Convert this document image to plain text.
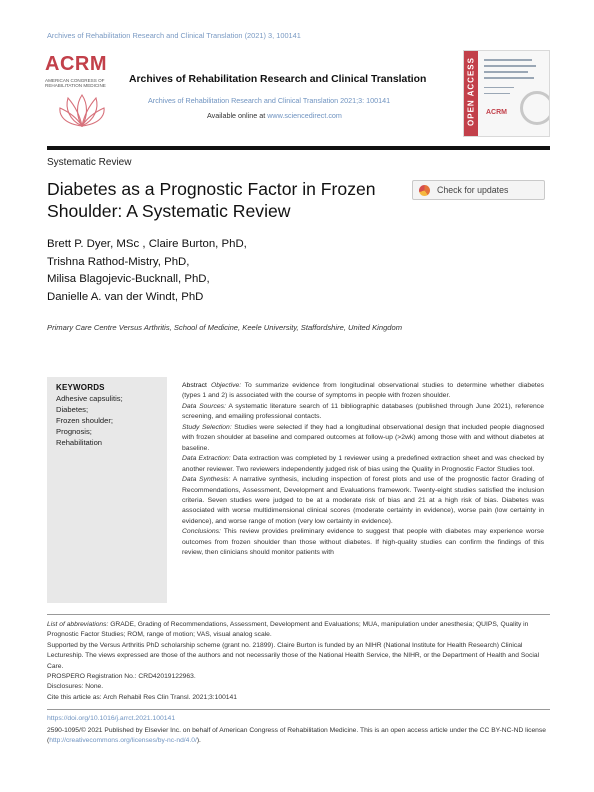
Archives of Rehabilitation Research and Clinical Translation (2021) 3, 100141
ACRM
AMERICAN CONGRESS OF REHABILITATION MEDICINE
Archives of Rehabilitation Research and Clinical Translation
Archives of Rehabilitation Research and Clinical Translation 2021;3: 100141
Available online at www.sciencedirect.com	OPEN ACCESS ACRM
Systematic Review
Diabetes as a Prognostic Factor in Frozen Shoulder: A Systematic Review
Check for updates
Brett P. Dyer, MSc , Claire Burton, PhD,
Trishna Rathod-Mistry, PhD,
Milisa Blagojevic-Bucknall, PhD,
Danielle A. van der Windt, PhD
Primary Care Centre Versus Arthritis, School of Medicine, Keele University, Staffordshire, United Kingdom
KEYWORDS
Adhesive capsulitis;
Diabetes;
Frozen shoulder;
Prognosis;
Rehabilitation

Abstract Objective: To summarize evidence from longitudinal observational studies to determine whether diabetes (types 1 and 2) is associated with the course of symptoms in people with frozen shoulder.

Data Sources: A systematic literature search of 11 bibliographic databases (published through June 2021), reference screening, and emailing professional contacts.

Study Selection: Studies were selected if they had a longitudinal observational design that included people diagnosed with frozen shoulder at baseline and compared outcomes at follow-up (>2wk) among those with and without diabetes at baseline.

Data Extraction: Data extraction was completed by 1 reviewer using a predefined extraction sheet and was checked by another reviewer. Two reviewers independently judged risk of bias using the Quality in Prognostic Factor Studies tool.

Data Synthesis: A narrative synthesis, including inspection of forest plots and use of the prognostic factor Grading of Recommendations, Assessment, Development and Evaluations framework. Twenty-eight studies satisfied the inclusion criteria. Seven studies were judged to be at a moderate risk of bias and 21 at a high risk of bias. Diabetes was associated with worse multidimensional clinical scores (moderate certainty in evidence), worse pain (low certainty in evidence), and worse range of motion (very low certainty in evidence).

Conclusions: This review provides preliminary evidence to suggest that people with diabetes may experience worse outcomes from frozen shoulder than those without diabetes. If high-quality studies can confirm the findings of this review, then clinicians should monitor patients with

List of abbreviations: GRADE, Grading of Recommendations, Assessment, Development and Evaluations; MUA, manipulation under anesthesia; QUIPS, Quality in Prognostic Factor Studies; ROM, range of motion; VAS, visual analog scale.
Supported by the Versus Arthritis PhD scholarship scheme (grant no. 21899). Claire Burton is funded by an NIHR (National Institute for Health Research) Clinical Lectureship. The views expressed are those of the authors and not necessarily those of the National Health Service, the NIHR, or the Department of Health and Social Care.
PROSPERO Registration No.: CRD42019122963.
Disclosures: None.
Cite this article as: Arch Rehabil Res Clin Transl. 2021;3:100141
https://doi.org/10.1016/j.arrct.2021.100141
2590-1095/© 2021 Published by Elsevier Inc. on behalf of American Congress of Rehabilitation Medicine. This is an open access article under the CC BY-NC-ND license (http://creativecommons.org/licenses/by-nc-nd/4.0/).
